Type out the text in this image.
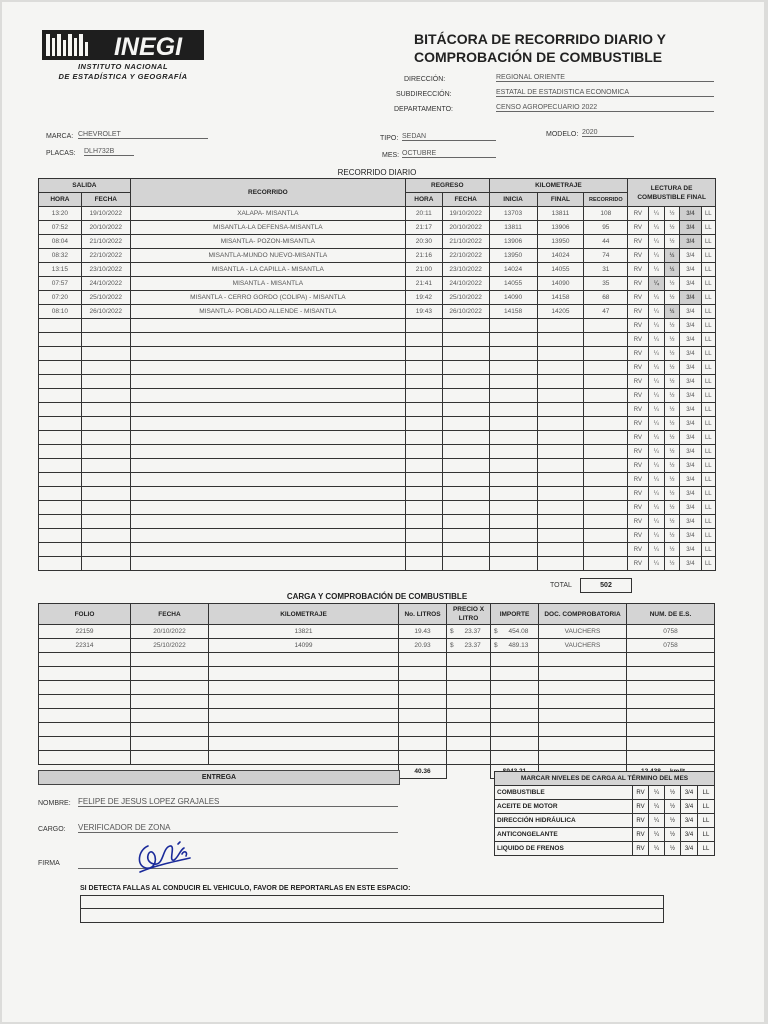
INEGI
INSTITUTO NACIONAL
DE ESTADÍSTICA Y GEOGRAFÍA
BITÁCORA DE RECORRIDO DIARIO Y
COMPROBACIÓN DE COMBUSTIBLE
DIRECCIÓN:	REGIONAL ORIENTE
SUBDIRECCIÓN:	ESTATAL DE ESTADISTICA ECONOMICA
DEPARTAMENTO:	CENSO AGROPECUARIO 2022
MARCA: CHEVROLET
PLACAS: DLH732B
TIPO: SEDAN
MES: OCTUBRE
MODELO: 2020
RECORRIDO DIARIO
SALIDA		RECORRIDO	REGRESO		KILOMETRAJE			LECTURA DE COMBUSTIBLE FINAL				
HORA	FECHA		HORA	FECHA	INICIA	FINAL	RECORRIDO					
13:20	19/10/2022	XALAPA- MISANTLA	20:11	19/10/2022	13703	13811	108	RV	¼	½	3/4	LL
07:52	20/10/2022	MISANTLA-LA DEFENSA-MISANTLA	21:17	20/10/2022	13811	13906	95	RV	¼	½	3/4	LL
08:04	21/10/2022	MISANTLA- POZON-MISANTLA	20:30	21/10/2022	13906	13950	44	RV	¼	½	3/4	LL
08:32	22/10/2022	MISANTLA-MUNDO NUEVO-MISANTLA	21:16	22/10/2022	13950	14024	74	RV	¼	½	3/4	LL
13:15	23/10/2022	MISANTLA - LA CAPILLA - MISANTLA	21:00	23/10/2022	14024	14055	31	RV	¼	½	3/4	LL
07:57	24/10/2022	MISANTLA - MISANTLA	21:41	24/10/2022	14055	14090	35	RV	¼	½	3/4	LL
07:20	25/10/2022	MISANTLA - CERRO GORDO (COLIPA) - MISANTLA	19:42	25/10/2022	14090	14158	68	RV	¼	½	3/4	LL
08:10	26/10/2022	MISANTLA- POBLADO ALLENDE - MISANTLA	19:43	26/10/2022	14158	14205	47	RV	¼	½	3/4	LL
								RV	¼	½	3/4	LL
								RV	¼	½	3/4	LL
								RV	¼	½	3/4	LL
								RV	¼	½	3/4	LL
								RV	¼	½	3/4	LL
								RV	¼	½	3/4	LL
								RV	¼	½	3/4	LL
								RV	¼	½	3/4	LL
								RV	¼	½	3/4	LL
								RV	¼	½	3/4	LL
								RV	¼	½	3/4	LL
								RV	¼	½	3/4	LL
								RV	¼	½	3/4	LL
								RV	¼	½	3/4	LL
								RV	¼	½	3/4	LL
								RV	¼	½	3/4	LL
								RV	¼	½	3/4	LL
								RV	¼	½	3/4	LL
TOTAL	502
CARGA Y COMPROBACIÓN DE COMBUSTIBLE
FOLIO	FECHA	KILOMETRAJE	No. LITROS	PRECIO X LITRO	IMPORTE	DOC. COMPROBATORIA	NUM. DE E.S.
22159	20/10/2022	13821	19.43	$      23.37	$      454.08	VAUCHERS	0758
22314	25/10/2022	14099	20.93	$      23.37	$      489.13	VAUCHERS	0758

			40.36				
ENTREGA
NOMBRE: FELIPE DE JESUS LOPEZ GRAJALES
CARGO: VERIFICADOR DE ZONA
FIRMA
MARCAR NIVELES DE CARGA AL TÉRMINO DEL MES					
COMBUSTIBLE	RV	¼	½	3/4	LL
ACEITE DE MOTOR	RV	¼	½	3/4	LL
DIRECCIÓN HIDRÁULICA	RV	¼	½	3/4	LL
ANTICONGELANTE	RV	¼	½	3/4	LL
LIQUIDO DE FRENOS	RV	¼	½	3/4	LL
SI DETECTA FALLAS AL CONDUCIR EL VEHICULO, FAVOR DE REPORTARLAS EN ESTE ESPACIO:
